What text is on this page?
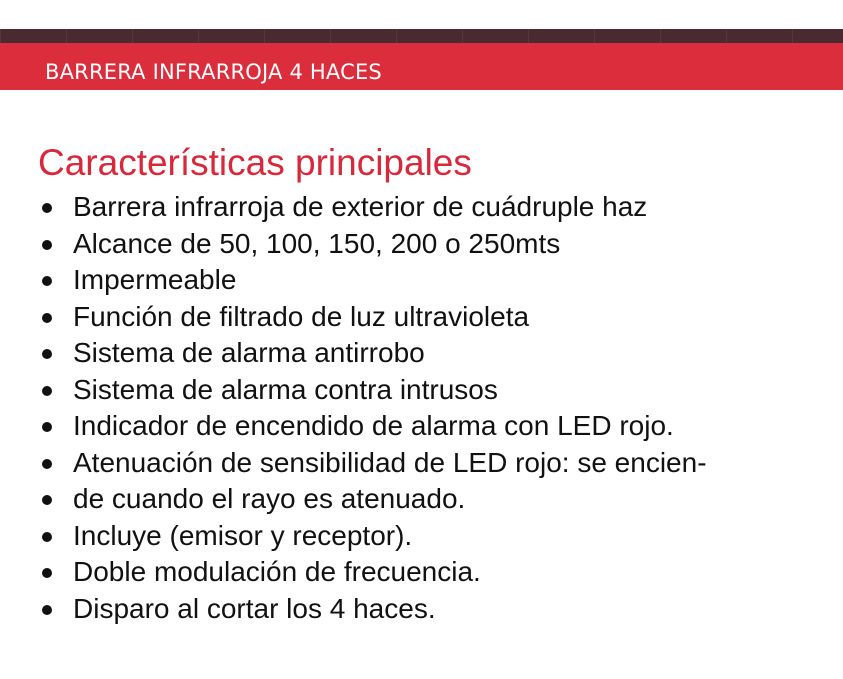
BARRERA INFRARROJA 4 HACES
Características principales
Barrera infrarroja de exterior de cuádruple haz
Alcance de 50, 100, 150, 200 o 250mts
Impermeable
Función de filtrado de luz ultravioleta
Sistema de alarma antirrobo
Sistema de alarma contra intrusos
Indicador de encendido de alarma con LED rojo.
Atenuación de sensibilidad de LED rojo: se encien-
de cuando el rayo es atenuado.
Incluye (emisor y receptor).
Doble modulación de frecuencia.
Disparo al cortar los 4 haces.
